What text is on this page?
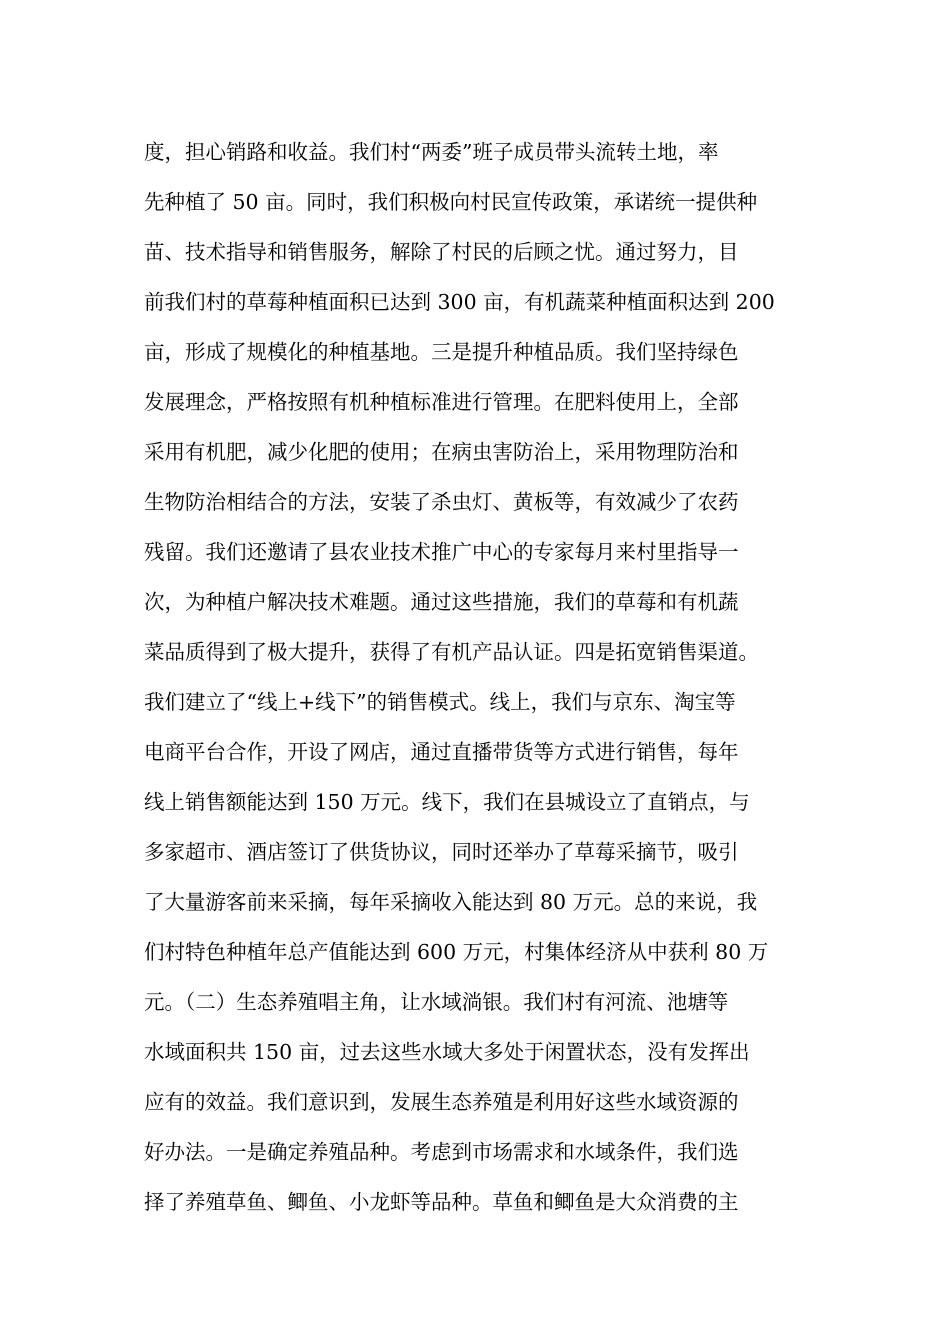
度，担心销路和收益。我们村“两委”班子成员带头流转土地，率
先种植了 50 亩。同时，我们积极向村民宣传政策，承诺统一提供种
苗、技术指导和销售服务，解除了村民的后顾之忧。通过努力，目
前我们村的草莓种植面积已达到 300 亩，有机蔬菜种植面积达到 200
亩，形成了规模化的种植基地。三是提升种植品质。我们坚持绿色
发展理念，严格按照有机种植标准进行管理。在肥料使用上，全部
采用有机肥，减少化肥的使用；在病虫害防治上，采用物理防治和
生物防治相结合的方法，安装了杀虫灯、黄板等，有效减少了农药
残留。我们还邀请了县农业技术推广中心的专家每月来村里指导一
次，为种植户解决技术难题。通过这些措施，我们的草莓和有机蔬
菜品质得到了极大提升，获得了有机产品认证。四是拓宽销售渠道。
我们建立了“线上+线下”的销售模式。线上，我们与京东、淘宝等
电商平台合作，开设了网店，通过直播带货等方式进行销售，每年
线上销售额能达到 150 万元。线下，我们在县城设立了直销点，与
多家超市、酒店签订了供货协议，同时还举办了草莓采摘节，吸引
了大量游客前来采摘，每年采摘收入能达到 80 万元。总的来说，我
们村特色种植年总产值能达到 600 万元，村集体经济从中获利 80 万
元。（二）生态养殖唱主角，让水域淌银。我们村有河流、池塘等
水域面积共 150 亩，过去这些水域大多处于闲置状态，没有发挥出
应有的效益。我们意识到，发展生态养殖是利用好这些水域资源的
好办法。一是确定养殖品种。考虑到市场需求和水域条件，我们选
择了养殖草鱼、鲫鱼、小龙虾等品种。草鱼和鲫鱼是大众消费的主
